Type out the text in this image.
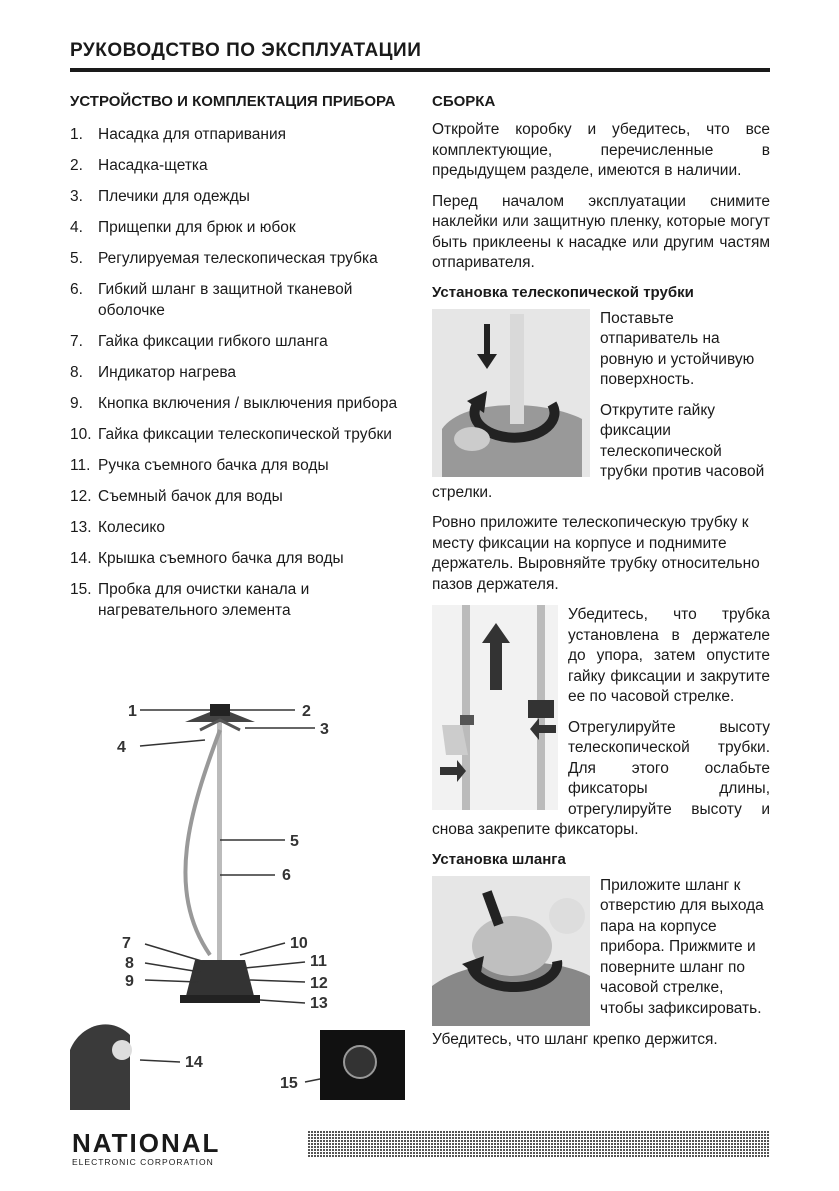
РУКОВОДСТВО ПО ЭКСПЛУАТАЦИИ
УСТРОЙСТВО И КОМПЛЕКТАЦИЯ ПРИБОРА
1. Насадка для отпаривания
2. Насадка-щетка
3. Плечики для одежды
4. Прищепки для брюк и юбок
5. Регулируемая телескопическая трубка
6. Гибкий шланг в защитной тканевой оболочке
7. Гайка фиксации гибкого шланга
8. Индикатор нагрева
9. Кнопка включения / выключения прибора
10. Гайка фиксации телескопической трубки
11. Ручка съемного бачка для воды
12. Съемный бачок для воды
13. Колесико
14. Крышка съемного бачка для воды
15. Пробка для очистки канала и нагревательного элемента
1	2
3
4
5
6
7
8
9
10
11
12
13
14
15
СБОРКА

Откройте коробку и убедитесь, что все комплектующие, перечисленные в предыдущем разделе, имеются в наличии.

Перед началом эксплуатации снимите наклейки или защитную пленку, которые могут быть приклеены к насадке или другим частям отпаривателя.

Установка телескопической трубки

Поставьте отпариватель на ровную и устойчивую поверхность.

Открутите гайку фиксации телескопической трубки против часовой стрелки.

Ровно приложите телескопическую трубку к месту фиксации на корпусе и поднимите держатель. Выровняйте трубку относительно пазов держателя.

Убедитесь, что трубка установлена в держателе до упора, затем опустите гайку фиксации и закрутите ее по часовой стрелке.

Отрегулируйте высоту телескопической трубки. Для этого ослабьте фиксаторы длины, отрегулируйте высоту и снова закрепите фиксаторы.

Установка шланга

Приложите шланг к отверстию для выхода пара на корпусе прибора. Прижмите и поверните шланг по часовой стрелке, чтобы зафиксировать.

Убедитесь, что шланг крепко держится.

NATIONAL
ELECTRONIC CORPORATION
